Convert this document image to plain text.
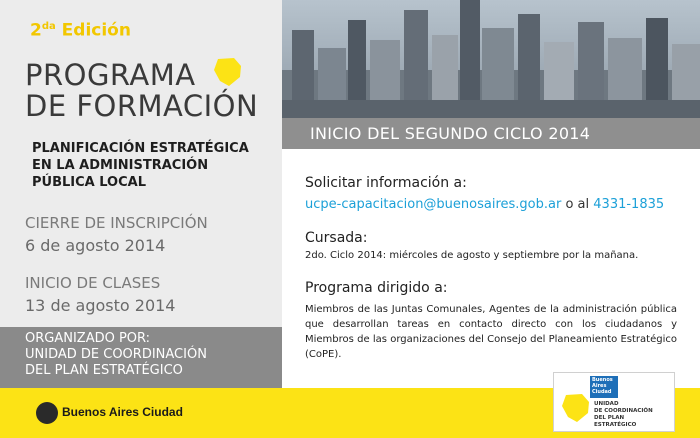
$2^{da}$ Edición
PROGRAMA
DE FORMACIÓN
PLANIFICACIÓN ESTRATÉGICA
EN LA ADMINISTRACIÓN
PÚBLICA LOCAL
CIERRE DE INSCRIPCIÓN
6 de agosto 2014
INICIO DE CLASES
13 de agosto 2014
ORGANIZADO POR:
UNIDAD DE COORDINACIÓN
DEL PLAN ESTRATÉGICO
INICIO DEL SEGUNDO CICLO 2014
Solicitar información a:
ucpe-capacitacion@buenosaires.gob.ar o al 4331-1835
Cursada:
2do. Ciclo 2014: miércoles de agosto y septiembre por la mañana.
Programa dirigido a:
Miembros de las Juntas Comunales, Agentes de la administración pública que desarrollan tareas en contacto directo con los ciudadanos y Miembros de las organizaciones del Consejo del Planeamiento Estratégico (CoPE).
Buenos Aires Ciudad
Buenos
Aires
Ciudad
UNIDAD
DE COORDINACIÓN
DEL PLAN
ESTRATÉGICO
